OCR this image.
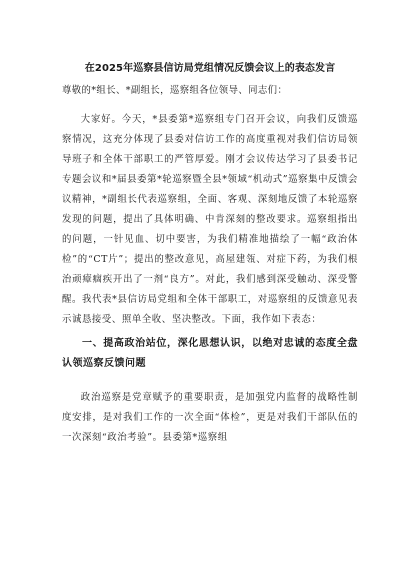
在2025年巡察县信访局党组情况反馈会议上的表态发言
尊敬的*组长、*副组长，巡察组各位领导、同志们：

大家好。今天，*县委第*巡察组专门召开会议，向我们反馈巡察情况，这充分体现了县委对信访工作的高度重视对我们信访局领导班子和全体干部职工的严管厚爱。刚才会议传达学习了县委书记专题会议和*届县委第*轮巡察暨全县*领域“机动式”巡察集中反馈会议精神，*副组长代表巡察组，全面、客观、深刻地反馈了本轮巡察发现的问题，提出了具体明确、中肯深刻的整改要求。巡察组指出的问题，一针见血、切中要害，为我们精准地描绘了一幅“政治体检”的“CT片”；提出的整改意见，高屋建瓴、对症下药，为我们根治顽瘴痼疾开出了一剂“良方”。对此，我们感到深受触动、深受警醒。我代表*县信访局党组和全体干部职工，对巡察组的反馈意见表示诚恳接受、照单全收、坚决整改。下面，我作如下表态：

一、提高政治站位，深化思想认识，以绝对忠诚的态度全盘认领巡察反馈问题

政治巡察是党章赋予的重要职责，是加强党内监督的战略性制度安排，是对我们工作的一次全面“体检”，更是对我们干部队伍的一次深刻“政治考验”。县委第*巡察组
